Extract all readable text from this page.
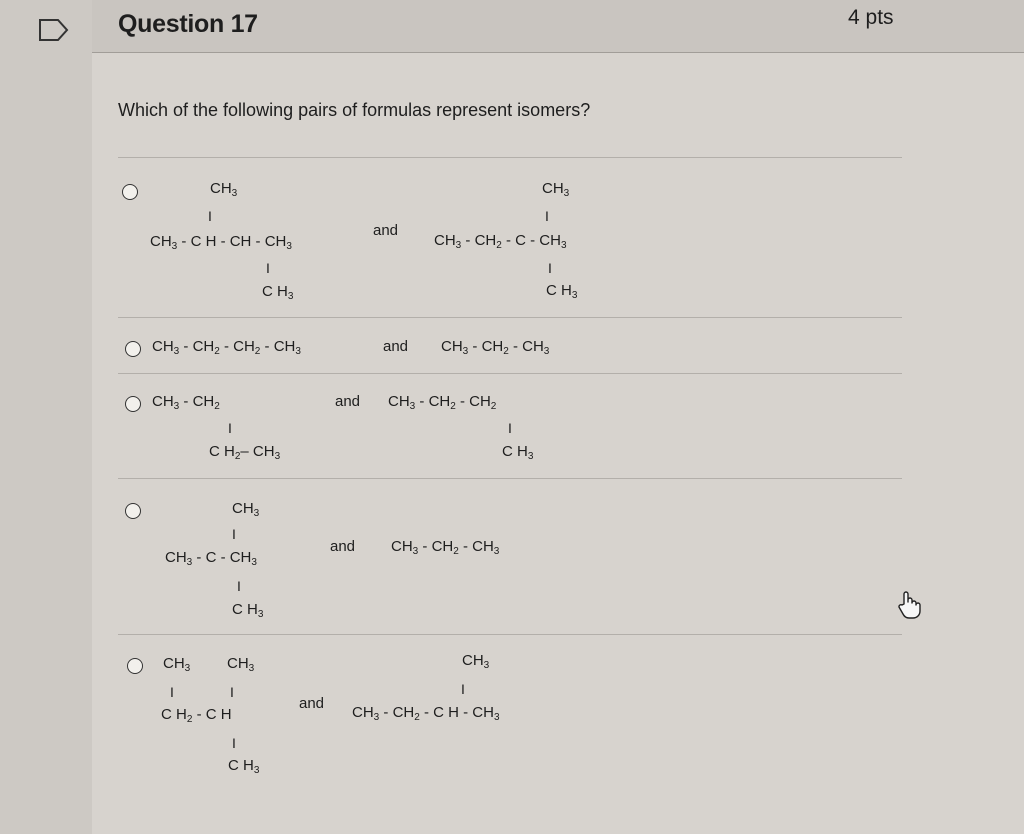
Question 17	4 pts
Which of the following pairs of formulas represent isomers?
$CH_3$
I
$CH_3$ - C H - CH - $CH_3$
I
C $H_3$
and
$CH_3$
I
$CH_3 - CH_2$ - C - $CH_3$
I
C $H_3$
$CH_3 - CH_2 - CH_2 - CH_3$	and $CH_3 - CH_2 - CH_3$
$CH_3 - CH_2$
I
C $H_2-$ $CH_3$
and $CH_3 - CH_2 - CH_2$
I
C $H_3$
$CH_3$
I
$CH_3$ - C - $CH_3$
I
C $H_3$
and $CH_3 - CH_2 - CH_3$
$CH_3$ $CH_3$
I	I
C $H_2$ - C H
I
C $H_3$
and
$CH_3$
I
$CH_3 - CH_2$ - C H - $CH_3$
